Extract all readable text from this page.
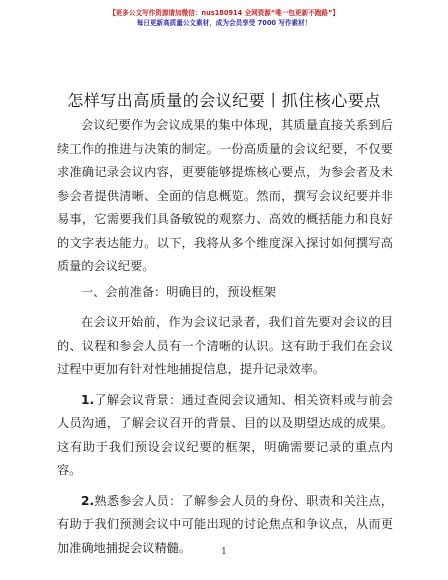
【更多公文写作资源请加微信：nus180914 全网资源“唯一包更新不跑路”】
每日更新高质量公文素材，成为会员享受 7000 写作素材！
怎样写出高质量的会议纪要丨抓住核心要点

会议纪要作为会议成果的集中体现，其质量直接关系到后续工作的推进与决策的制定。一份高质量的会议纪要，不仅要求准确记录会议内容，更要能够提炼核心要点，为参会者及未参会者提供清晰、全面的信息概览。然而，撰写会议纪要并非易事，它需要我们具备敏锐的观察力、高效的概括能力和良好的文字表达能力。以下，我将从多个维度深入探讨如何撰写高质量的会议纪要。

一、会前准备：明确目的，预设框架

在会议开始前，作为会议记录者，我们首先要对会议的目的、议程和参会人员有一个清晰的认识。这有助于我们在会议过程中更加有针对性地捕捉信息，提升记录效率。

1.了解会议背景：通过查阅会议通知、相关资料或与前会人员沟通，了解会议召开的背景、目的以及期望达成的成果。这有助于我们预设会议纪要的框架，明确需要记录的重点内容。

2.熟悉参会人员：了解参会人员的身份、职责和关注点，有助于我们预测会议中可能出现的讨论焦点和争议点，从而更加准确地捕捉会议精髓。	1
